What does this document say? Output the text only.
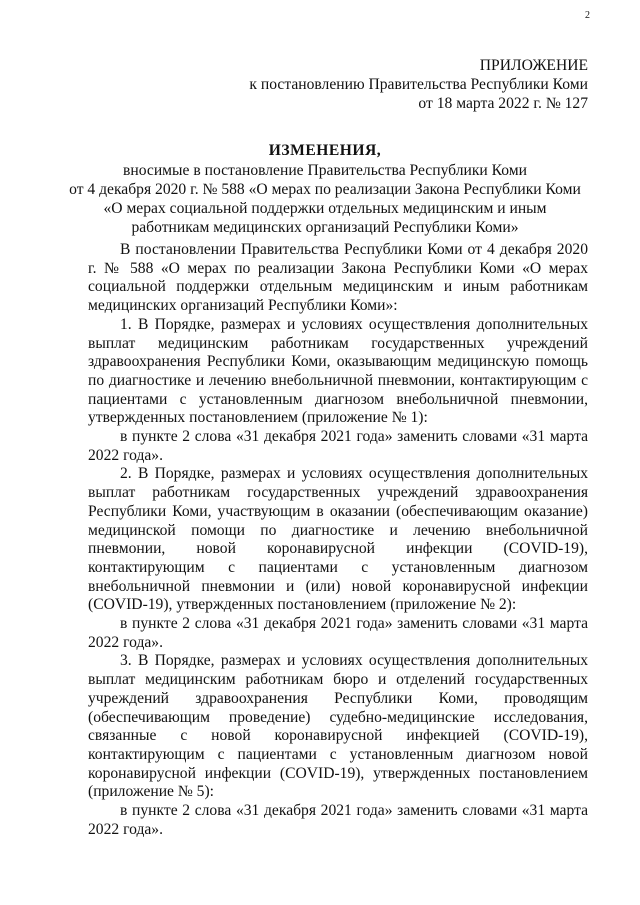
2
ПРИЛОЖЕНИЕ
к постановлению Правительства Республики Коми
от 18 марта 2022 г. № 127
ИЗМЕНЕНИЯ,
вносимые в постановление Правительства Республики Коми
от 4 декабря 2020 г. № 588 «О мерах по реализации Закона Республики Коми
«О мерах социальной поддержки отдельных медицинским и иным
работникам медицинских организаций Республики Коми»

В постановлении Правительства Республики Коми от 4 декабря 2020 г. № 588 «О мерах по реализации Закона Республики Коми «О мерах социальной поддержки отдельным медицинским и иным работникам медицинских организаций Республики Коми»:

1. В Порядке, размерах и условиях осуществления дополнительных выплат медицинским работникам государственных учреждений здравоохранения Республики Коми, оказывающим медицинскую помощь по диагностике и лечению внебольничной пневмонии, контактирующим с пациентами с установленным диагнозом внебольничной пневмонии, утвержденных постановлением (приложение № 1):

в пункте 2 слова «31 декабря 2021 года» заменить словами «31 марта 2022 года».

2. В Порядке, размерах и условиях осуществления дополнительных выплат работникам государственных учреждений здравоохранения Республики Коми, участвующим в оказании (обеспечивающим оказание) медицинской помощи по диагностике и лечению внебольничной пневмонии, новой коронавирусной инфекции (COVID-19), контактирующим с пациентами с установленным диагнозом внебольничной пневмонии и (или) новой коронавирусной инфекции (COVID-19), утвержденных постановлением (приложение № 2):

в пункте 2 слова «31 декабря 2021 года» заменить словами «31 марта 2022 года».

3. В Порядке, размерах и условиях осуществления дополнительных выплат медицинским работникам бюро и отделений государственных учреждений здравоохранения Республики Коми, проводящим (обеспечивающим проведение) судебно-медицинские исследования, связанные с новой коронавирусной инфекцией (COVID-19), контактирующим с пациентами с установленным диагнозом новой коронавирусной инфекции (COVID-19), утвержденных постановлением (приложение № 5):

в пункте 2 слова «31 декабря 2021 года» заменить словами «31 марта 2022 года».
